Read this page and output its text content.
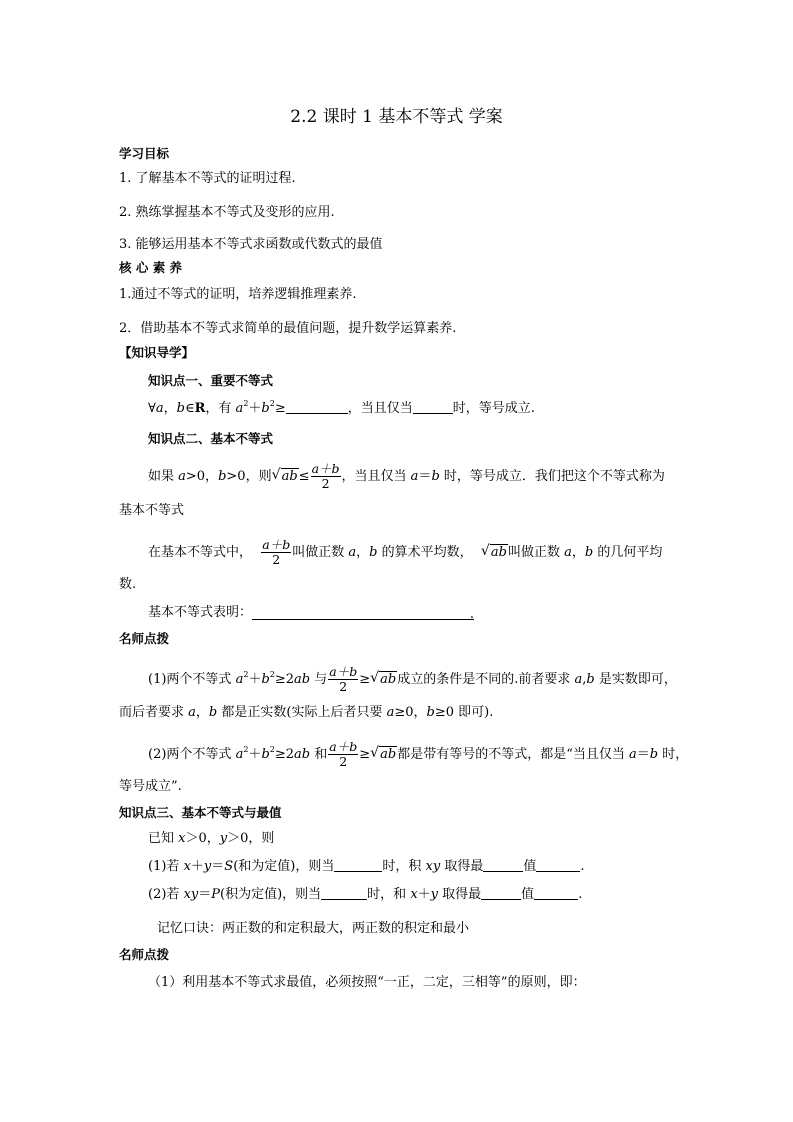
2.2 课时 1 基本不等式 学案
学习目标
1. 了解基本不等式的证明过程.
2. 熟练掌握基本不等式及变形的应用.
3. 能够运用基本不等式求函数或代数式的最值
核 心 素 养
1.通过不等式的证明，培养逻辑推理素养.
2．借助基本不等式求简单的最值问题，提升数学运算素养.
【知识导学】
知识点一、重要不等式
∀a，b∈R，有 $a^2+b^2\ge$	，当且仅当	时，等号成立.
知识点二、基本不等式
如果 a>0，b>0，则 √ $ab\le \frac{a+b}{2}$ ，当且仅当 a＝b 时，等号成立．我们把这个不等式称为
基本不等式
在基本不等式中， $\frac{a+b}{2}$ 叫做正数 a，b 的算术平均数， √ ab叫做正数 a，b 的几何平均
数.
基本不等式表明：	.
名师点拨
(1)两个不等式 $a^2+b^2\ge 2ab$ 与 $\frac{a+b}{2}$ ≥ √ ab成立的条件是不同的.前者要求 a,b 是实数即可，
而后者要求 a，b 都是正实数(实际上后者只要 a≥0，b≥0 即可).
(2)两个不等式 $a^2+b^2\ge 2ab$ 和 $\frac{a+b}{2}$ ≥ √ ab都是带有等号的不等式，都是“当且仅当 a＝b 时，
等号成立”.
知识点三、基本不等式与最值
已知 x＞0，y＞0，则
(1)若 x＋y＝S(和为定值)，则当	时，积 xy 取得最	值	.
(2)若 xy＝P(积为定值)，则当	时，和 x＋y 取得最	值	.
记忆口诀：两正数的和定积最大，两正数的积定和最小
名师点拨
（1）利用基本不等式求最值，必须按照“一正，二定，三相等”的原则，即：
